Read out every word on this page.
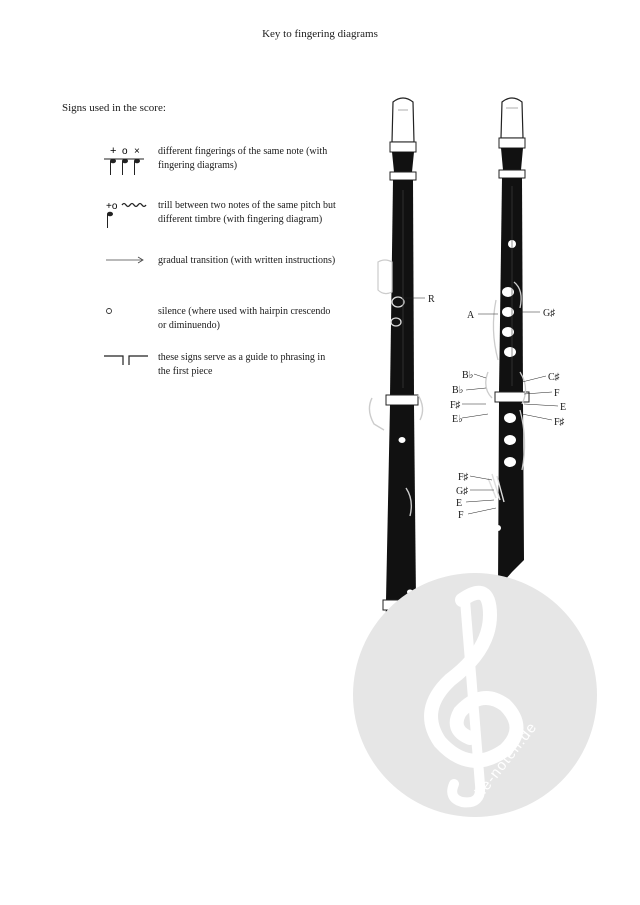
Key to fingering diagrams
Signs used in the score:
+ o × different fingerings of the same note (with fingering diagrams)
+o	trill between two notes of the same pitch but different timbre (with fingering diagram)
gradual transition (with written instructions)
silence (where used with hairpin crescendo or diminuendo)
these signs serve as a guide to phrasing in the first piece
R
A	G♯
B♭
B♭
C♯
F♯
F
E♭
E
F♯
F♯
G♯
E
F
alle-noten.de
